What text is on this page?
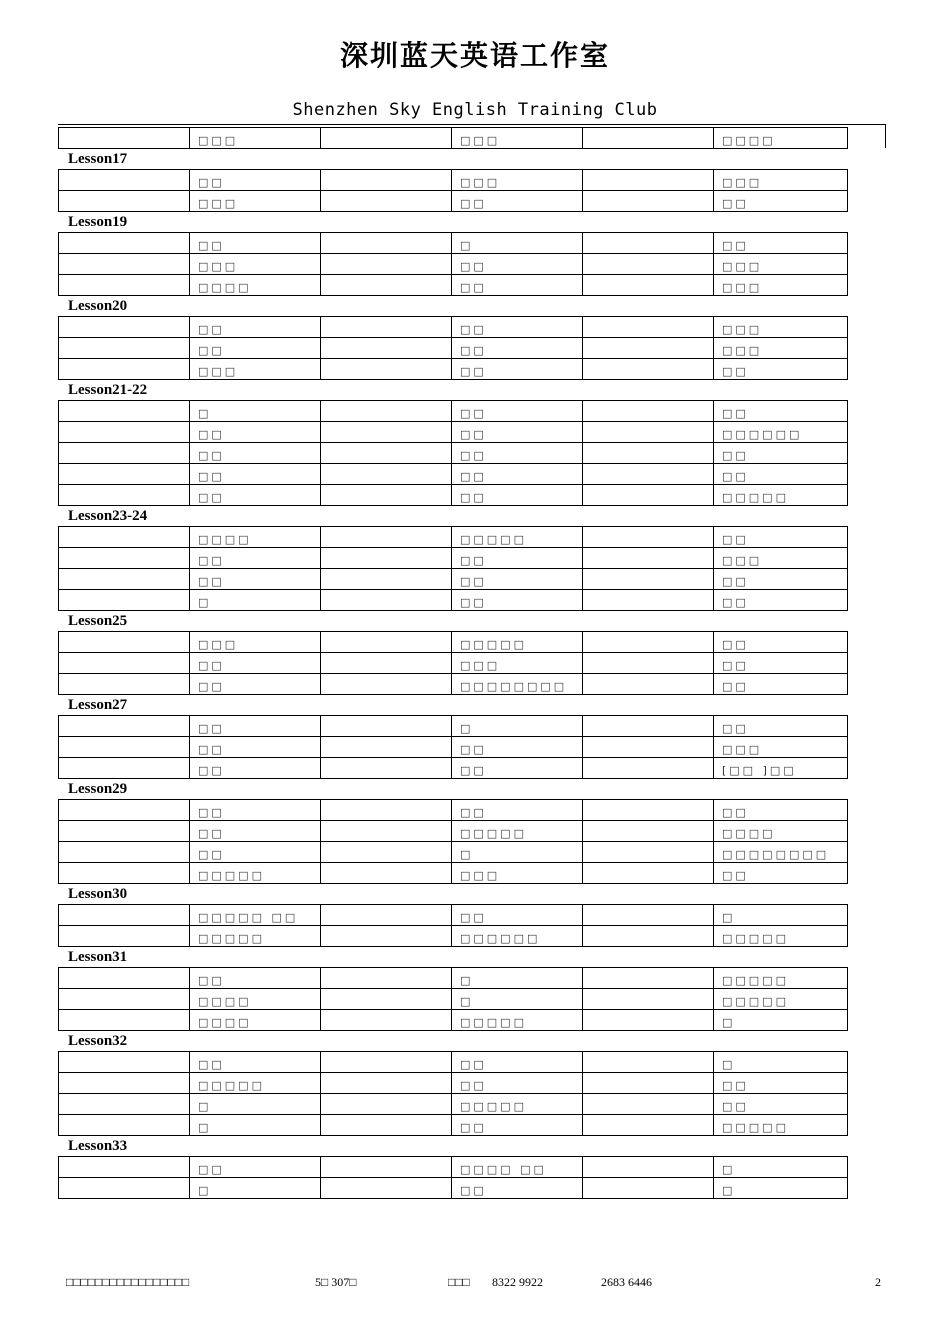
深圳蓝天英语工作室
Shenzhen Sky English Training Club
	□□□		□□□		□□□□
Lesson17
	□□		□□□		□□□
	□□□		□□		□□
Lesson19
	□□		□		□□
	□□□		□□		□□□
	□□□□		□□		□□□
Lesson20
	□□		□□		□□□
	□□		□□		□□□
	□□□		□□		□□
Lesson21-22
	□		□□		□□
	□□		□□		□□□□□□
	□□		□□		□□
	□□		□□		□□
	□□		□□		□□□□□
Lesson23-24
	□□□□		□□□□□		□□
	□□		□□		□□□
	□□		□□		□□
	□		□□		□□
Lesson25
	□□□		□□□□□		□□
	□□		□□□		□□
	□□		□□□□□□□□		□□
Lesson27
	□□		□		□□
	□□		□□		□□□
	□□		□□		[□□ ]□□
Lesson29
	□□		□□		□□
	□□		□□□□□		□□□□
	□□		□		□□□□□□□□
	□□□□□		□□□		□□
Lesson30
	□□□□□ □□		□□		□
	□□□□□		□□□□□□		□□□□□
Lesson31
	□□		□		□□□□□
	□□□□		□		□□□□□
	□□□□		□□□□□		□
Lesson32
	□□		□□		□
	□□□□□		□□		□□
	□		□□□□□		□□
	□		□□		□□□□□
Lesson33
	□□		□□□□ □□		□
	□		□□		□
□□□□□□□□□□□□□□□□□	5□ 307□	□□□ 8322 9922	2683 6446	2
